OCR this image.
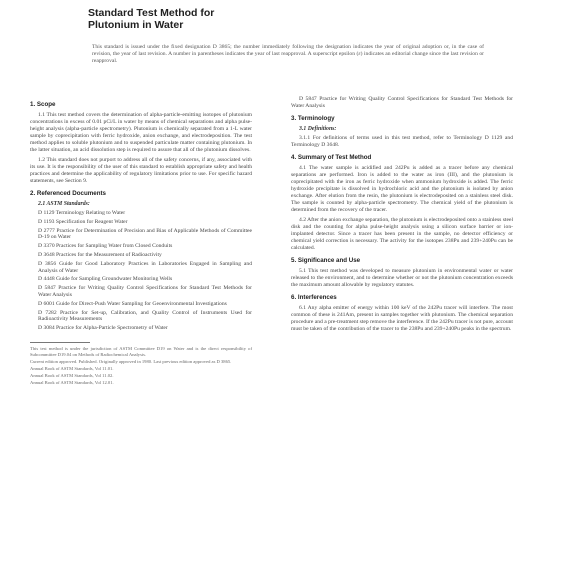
Standard Test Method for
Plutonium in Water
This standard is issued under the fixed designation D 3865; the number immediately following the designation indicates the year of original adoption or, in the case of revision, the year of last revision. A number in parentheses indicates the year of last reapproval. A superscript epsilon (ε) indicates an editorial change since the last revision or reapproval.
1. Scope

1.1 This test method covers the determination of alpha-particle-emitting isotopes of plutonium concentrations in excess of 0.01 pCi/L in water by means of chemical separations and alpha pulse-height analysis (alpha-particle spectrometry). Plutonium is chemically separated from a 1-L water sample by coprecipitation with ferric hydroxide, anion exchange, and electrodeposition. The test method applies to soluble plutonium and to suspended particulate matter containing plutonium. In the latter situation, an acid dissolution step is required to assure that all of the plutonium dissolves.

1.2 This standard does not purport to address all of the safety concerns, if any, associated with its use. It is the responsibility of the user of this standard to establish appropriate safety and health practices and determine the applicability of regulatory limitations prior to use. For specific hazard statements, see Section 9.

2. Referenced Documents
2.1 ASTM Standards:
D 1129 Terminology Relating to Water
D 1193 Specification for Reagent Water
D 2777 Practice for Determination of Precision and Bias of Applicable Methods of Committee D-19 on Water
D 3370 Practices for Sampling Water from Closed Conduits
D 3648 Practices for the Measurement of Radioactivity
D 3856 Guide for Good Laboratory Practices in Laboratories Engaged in Sampling and Analysis of Water
D 4448 Guide for Sampling Groundwater Monitoring Wells
D 5847 Practice for Writing Quality Control Specifications for Standard Test Methods for Water Analysis
D 6001 Guide for Direct-Push Water Sampling for Geoenvironmental Investigations
D 7282 Practice for Set-up, Calibration, and Quality Control of Instruments Used for Radioactivity Measurements
D 3084 Practice for Alpha-Particle Spectrometry of Water
This test method is under the jurisdiction of ASTM Committee D19 on Water and is the direct responsibility of Subcommittee D19.04 on Methods of Radiochemical Analysis.
Current edition approved. Published. Originally approved in 1980. Last previous edition approved as D 3865.
Annual Book of ASTM Standards, Vol 11.01.
Annual Book of ASTM Standards, Vol 11.02.
Annual Book of ASTM Standards, Vol 12.01.

D 5847 Practice for Writing Quality Control Specifications for Standard Test Methods for Water Analysis

3. Terminology
3.1 Definitions:

3.1.1 For definitions of terms used in this test method, refer to Terminology D 1129 and Terminology D 3648.

4. Summary of Test Method

4.1 The water sample is acidified and 242Pu is added as a tracer before any chemical separations are performed. Iron is added to the water as iron (III), and the plutonium is coprecipitated with the iron as ferric hydroxide when ammonium hydroxide is added. The ferric hydroxide precipitate is dissolved in hydrochloric acid and the plutonium is isolated by anion exchange. After elution from the resin, the plutonium is electrodeposited on a stainless steel disk. The sample is counted by alpha-particle spectrometry. The chemical yield of the plutonium is determined from the recovery of the tracer.

4.2 After the anion exchange separation, the plutonium is electrodeposited onto a stainless steel disk and the counting for alpha pulse-height analysis using a silicon surface barrier or ion-implanted detector. Since a tracer has been present in the sample, no detector efficiency or chemical yield correction is necessary. The activity for the isotopes 238Pu and 239+240Pu can be calculated.

5. Significance and Use

5.1 This test method was developed to measure plutonium in environmental water or water released to the environment, and to determine whether or not the plutonium concentration exceeds the maximum amount allowable by regulatory statutes.

6. Interferences

6.1 Any alpha emitter of energy within 100 keV of the 242Pu tracer will interfere. The most common of these is 241Am, present in samples together with plutonium. The chemical separation procedure and a pre-treatment step remove the interference. If the 242Pu tracer is not pure, account must be taken of the contribution of the tracer to the 238Pu and 239+240Pu peaks in the spectrum.
